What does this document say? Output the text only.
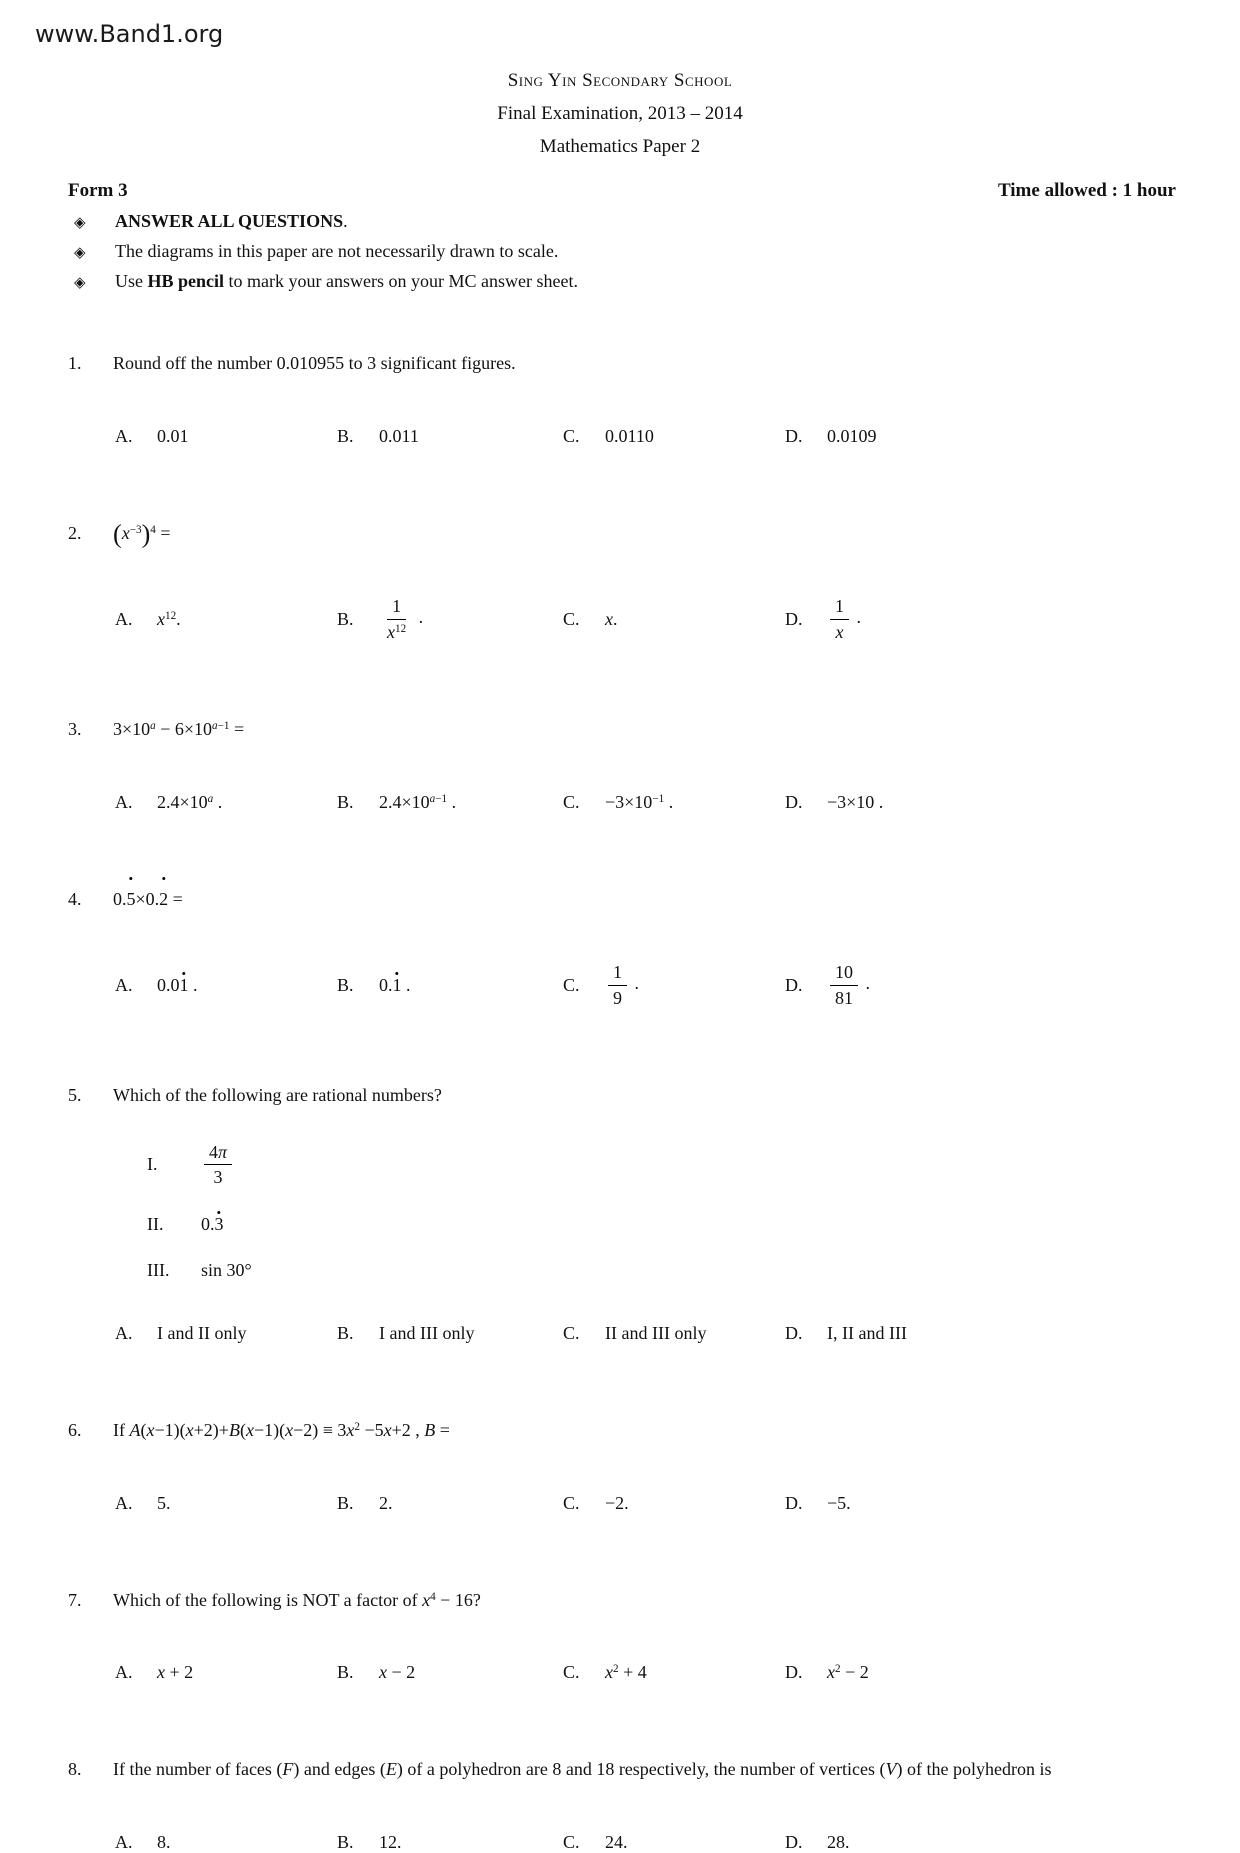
www.Band1.org
Sing Yin Secondary School
Final Examination, 2013 – 2014
Mathematics Paper 2
Form 3	Time allowed : 1 hour
◈	ANSWER ALL QUESTIONS.
◈	The diagrams in this paper are not necessarily drawn to scale.
◈	Use HB pencil to mark your answers on your MC answer sheet.
1.	Round off the number 0.010955 to 3 significant figures.
A.	0.01	B.	0.011	C.	0.0110	D.	0.0109
2.	$(x^{-3})^4$ =
A.	$x^{12}$.	B.	$\frac{1}{x^{12}}$ .	C.	x.	D.	$\frac{1}{x}$ .
3.	$3\times 10^a - 6\times 10^{a-1}$ =
A.	$2.4\times 10^a$ .	B.	$2.4\times 10^{a-1}$ .	C.	$-3\times 10^{-1}$ .	D.	−3×10 .
4.	0.5×0.2 =
A.	0.01 .	B.	0.1 .	C.	$\frac{1}{9}$ .	D.	$\frac{10}{81}$ .
5.	Which of the following are rational numbers?
I.	$\frac{4\pi}{3}$
II.	0.3
III.	sin 30°
A.	I and II only	B.	I and III only	C.	II and III only	D.	I, II and III
6.	If $A(x-1)(x+2)+B(x-1)(x-2) \equiv 3x^2 -5x+2$ , B =
A.	5.	B.	2.	C.	−2.	D.	−5.
7.	Which of the following is NOT a factor of $x^4 - 16$?
A.	x + 2	B.	x − 2	C.	$x^2 + 4$	D.	$x^2 - 2$
8.	If the number of faces (F) and edges (E) of a polyhedron are 8 and 18 respectively, the number of vertices (V) of the polyhedron is
A.	8.	B.	12.	C.	24.	D.	28.
